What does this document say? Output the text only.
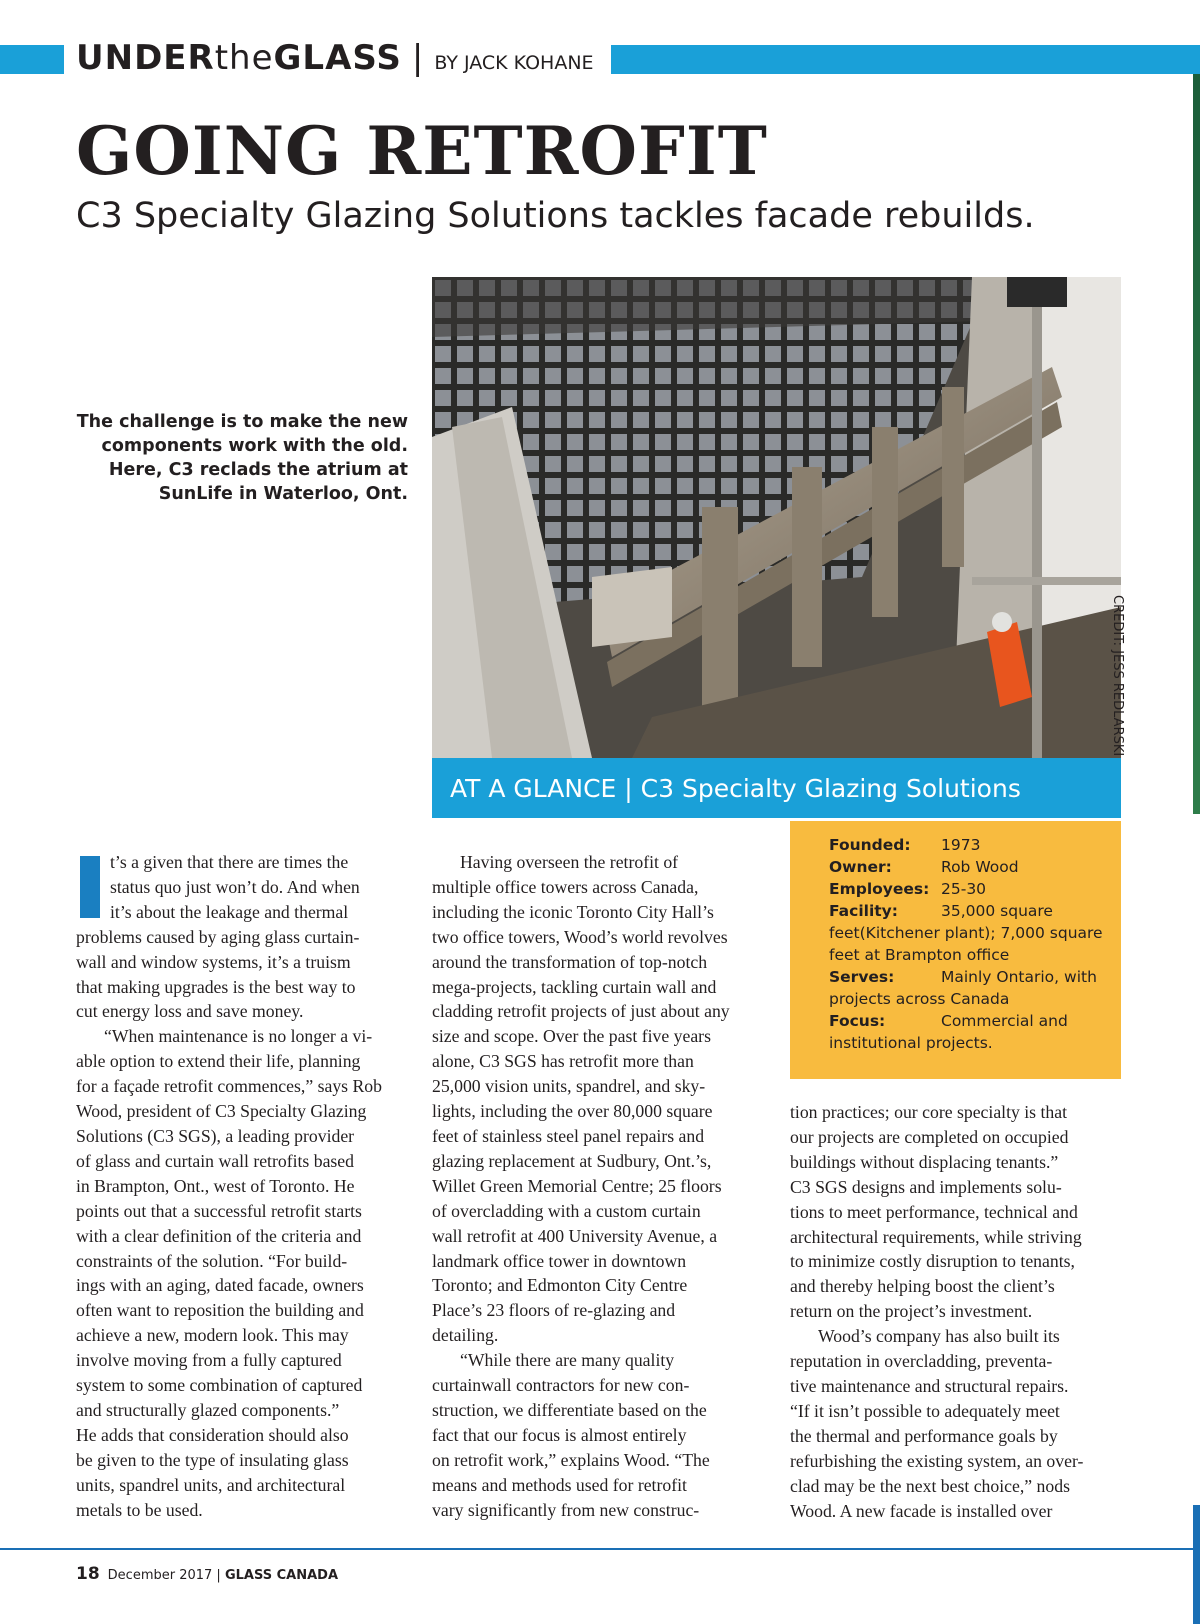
UNDERtheGLASS | BY JACK KOHANE
GOING RETROFIT
C3 Specialty Glazing Solutions tackles facade rebuilds.
The challenge is to make the new components work with the old. Here, C3 reclads the atrium at SunLife in Waterloo, Ont.
CREDIT: JESS REDLARSKI
AT A GLANCE | C3 Specialty Glazing Solutions
Founded: 1973
Owner:	Rob Wood
Employees: 25-30
Facility:	35,000 square
feet(Kitchener plant); 7,000 square
feet at Brampton office
Serves:	Mainly Ontario, with
projects across Canada
Focus:	Commercial and
institutional projects.
t’s a given that there are times the
status quo just won’t do. And when
it’s about the leakage and thermal
problems caused by aging glass curtain-
wall and window systems, it’s a truism
that making upgrades is the best way to
cut energy loss and save money.
“When maintenance is no longer a vi-
able option to extend their life, planning
for a façade retrofit commences,” says Rob
Wood, president of C3 Specialty Glazing
Solutions (C3 SGS), a leading provider
of glass and curtain wall retrofits based
in Brampton, Ont., west of Toronto. He
points out that a successful retrofit starts
with a clear definition of the criteria and
constraints of the solution. “For build-
ings with an aging, dated facade, owners
often want to reposition the building and
achieve a new, modern look. This may
involve moving from a fully captured
system to some combination of captured
and structurally glazed components.”
He adds that consideration should also
be given to the type of insulating glass
units, spandrel units, and architectural
metals to be used.
Having overseen the retrofit of
multiple office towers across Canada,
including the iconic Toronto City Hall’s
two office towers, Wood’s world revolves
around the transformation of top-notch
mega-projects, tackling curtain wall and
cladding retrofit projects of just about any
size and scope. Over the past five years
alone, C3 SGS has retrofit more than
25,000 vision units, spandrel, and sky-
lights, including the over 80,000 square
feet of stainless steel panel repairs and
glazing replacement at Sudbury, Ont.’s,
Willet Green Memorial Centre; 25 floors
of overcladding with a custom curtain
wall retrofit at 400 University Avenue, a
landmark office tower in downtown
Toronto; and Edmonton City Centre
Place’s 23 floors of re-glazing and
detailing.
“While there are many quality
curtainwall contractors for new con-
struction, we differentiate based on the
fact that our focus is almost entirely
on retrofit work,” explains Wood. “The
means and methods used for retrofit
vary significantly from new construc-
tion practices; our core specialty is that
our projects are completed on occupied
buildings without displacing tenants.”
C3 SGS designs and implements solu-
tions to meet performance, technical and
architectural requirements, while striving
to minimize costly disruption to tenants,
and thereby helping boost the client’s
return on the project’s investment.
Wood’s company has also built its
reputation in overcladding, preventa-
tive maintenance and structural repairs.
“If it isn’t possible to adequately meet
the thermal and performance goals by
refurbishing the existing system, an over-
clad may be the next best choice,” nods
Wood. A new facade is installed over
18 December 2017 | GLASS CANADA
